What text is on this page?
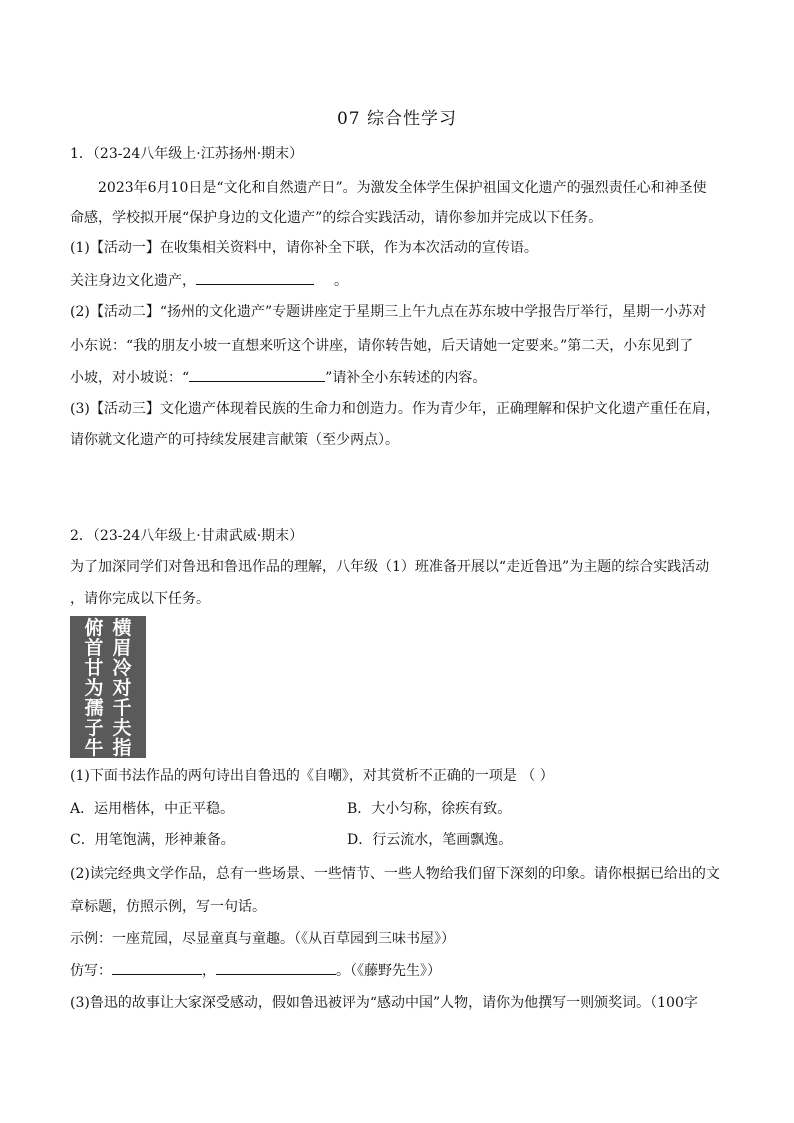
07 综合性学习
1．（23-24八年级上·江苏扬州·期末）
2023年6月10日是“文化和自然遗产日”。为激发全体学生保护祖国文化遗产的强烈责任心和神圣使
命感，学校拟开展“保护身边的文化遗产”的综合实践活动，请你参加并完成以下任务。
(1)【活动一】在收集相关资料中，请你补全下联，作为本次活动的宣传语。
关注身边文化遗产，	。
(2)【活动二】“扬州的文化遗产”专题讲座定于星期三上午九点在苏东坡中学报告厅举行，星期一小苏对
小东说：“我的朋友小坡一直想来听这个讲座，请你转告她，后天请她一定要来。”第二天，小东见到了
小坡，对小坡说：“	”请补全小东转述的内容。
(3)【活动三】文化遗产体现着民族的生命力和创造力。作为青少年，正确理解和保护文化遗产重任在肩，
请你就文化遗产的可持续发展建言献策（至少两点）。
2．（23-24八年级上·甘肃武威·期末）
为了加深同学们对鲁迅和鲁迅作品的理解，八年级（1）班准备开展以“走近鲁迅”为主题的综合实践活动
，请你完成以下任务。
横
眉
冷
对
千
夫
指
俯
首
甘
为
孺
子
牛
(1)下面书法作品的两句诗出自鲁迅的《自嘲》，对其赏析不正确的一项是 （ ）
A．运用楷体，中正平稳。	B．大小匀称，徐疾有致。
C．用笔饱满，形神兼备。	D．行云流水，笔画飘逸。
(2)读完经典文学作品，总有一些场景、一些情节、一些人物给我们留下深刻的印象。请你根据已给出的文
章标题，仿照示例，写一句话。
示例：一座荒园，尽显童真与童趣。（《从百草园到三味书屋》）
仿写：	，	。（《藤野先生》）
(3)鲁迅的故事让大家深受感动，假如鲁迅被评为“感动中国”人物，请你为他撰写一则颁奖词。（100字
